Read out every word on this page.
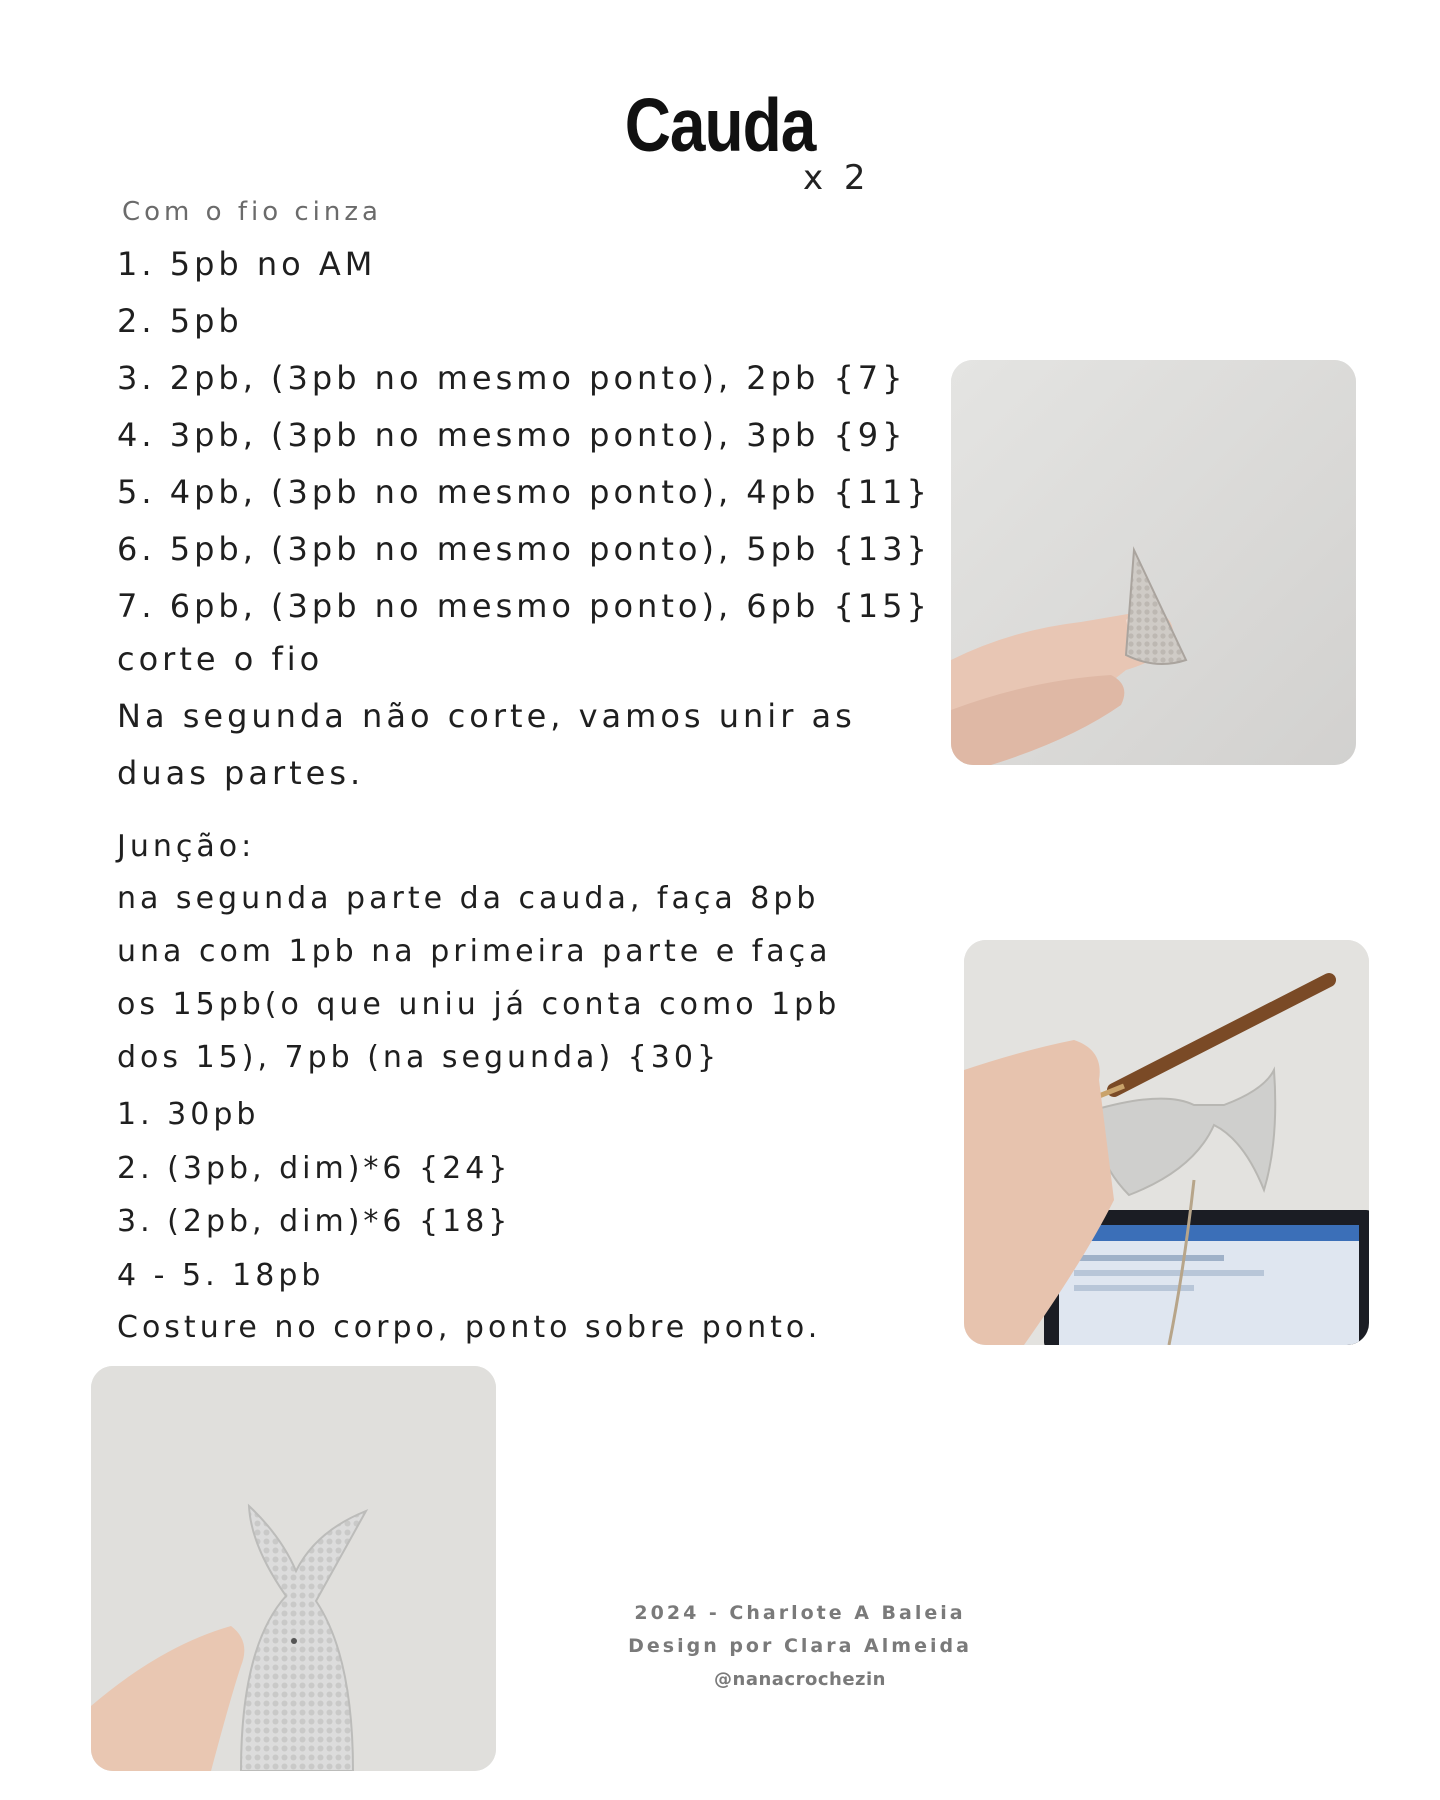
Cauda
x 2
Com o fio cinza
1. 5pb no AM
2. 5pb
3. 2pb, (3pb no mesmo ponto), 2pb {7}
4. 3pb, (3pb no mesmo ponto), 3pb {9}
5. 4pb, (3pb no mesmo ponto), 4pb {11}
6. 5pb, (3pb no mesmo ponto), 5pb {13}
7. 6pb, (3pb no mesmo ponto), 6pb {15}
corte o fio
Na segunda não corte, vamos unir as duas partes.
Junção:
na segunda parte da cauda, faça 8pb una com 1pb na primeira parte e faça os 15pb(o que uniu já conta como 1pb dos 15), 7pb (na segunda) {30}
1. 30pb
2. (3pb, dim)*6 {24}
3. (2pb, dim)*6 {18}
4 - 5. 18pb
Costure no corpo, ponto sobre ponto.
2024 - Charlote A Baleia
Design por Clara Almeida
@nanacrochezin
